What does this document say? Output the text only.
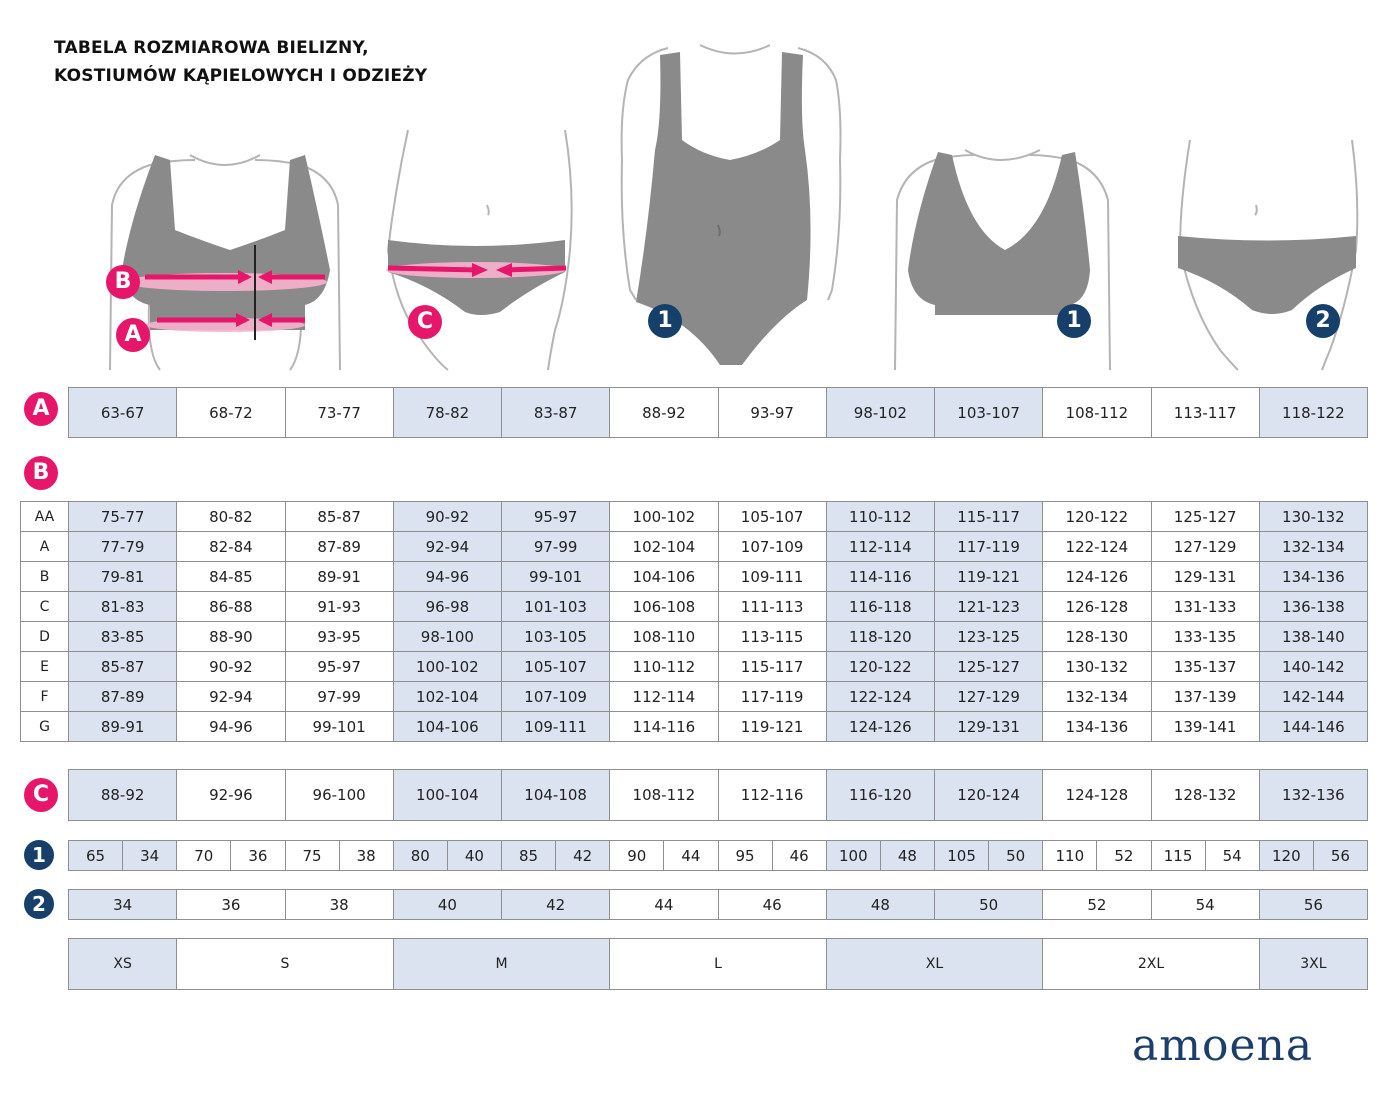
TABELA ROZMIAROWA BIELIZNY,
KOSTIUMÓW KĄPIELOWYCH I ODZIEŻY
B
A
C	1	1	2
A
B
C
1
2
63-67	68-72	73-77	78-82	83-87	88-92	93-97	98-102	103-107	108-112	113-117	118-122
AA	75-77	80-82	85-87	90-92	95-97	100-102	105-107	110-112	115-117	120-122	125-127	130-132
A	77-79	82-84	87-89	92-94	97-99	102-104	107-109	112-114	117-119	122-124	127-129	132-134
B	79-81	84-85	89-91	94-96	99-101	104-106	109-111	114-116	119-121	124-126	129-131	134-136
C	81-83	86-88	91-93	96-98	101-103	106-108	111-113	116-118	121-123	126-128	131-133	136-138
D	83-85	88-90	93-95	98-100	103-105	108-110	113-115	118-120	123-125	128-130	133-135	138-140
E	85-87	90-92	95-97	100-102	105-107	110-112	115-117	120-122	125-127	130-132	135-137	140-142
F	87-89	92-94	97-99	102-104	107-109	112-114	117-119	122-124	127-129	132-134	137-139	142-144
G	89-91	94-96	99-101	104-106	109-111	114-116	119-121	124-126	129-131	134-136	139-141	144-146
88-92	92-96	96-100	100-104	104-108	108-112	112-116	116-120	120-124	124-128	128-132	132-136
65	34	70	36	75	38	80	40	85	42	90	44	95	46	100	48	105	50	110	52	115	54	120	56
34	36	38	40	42	44	46	48	50	52	54	56
XS	S	M	L	XL	2XL	3XL
amoena
